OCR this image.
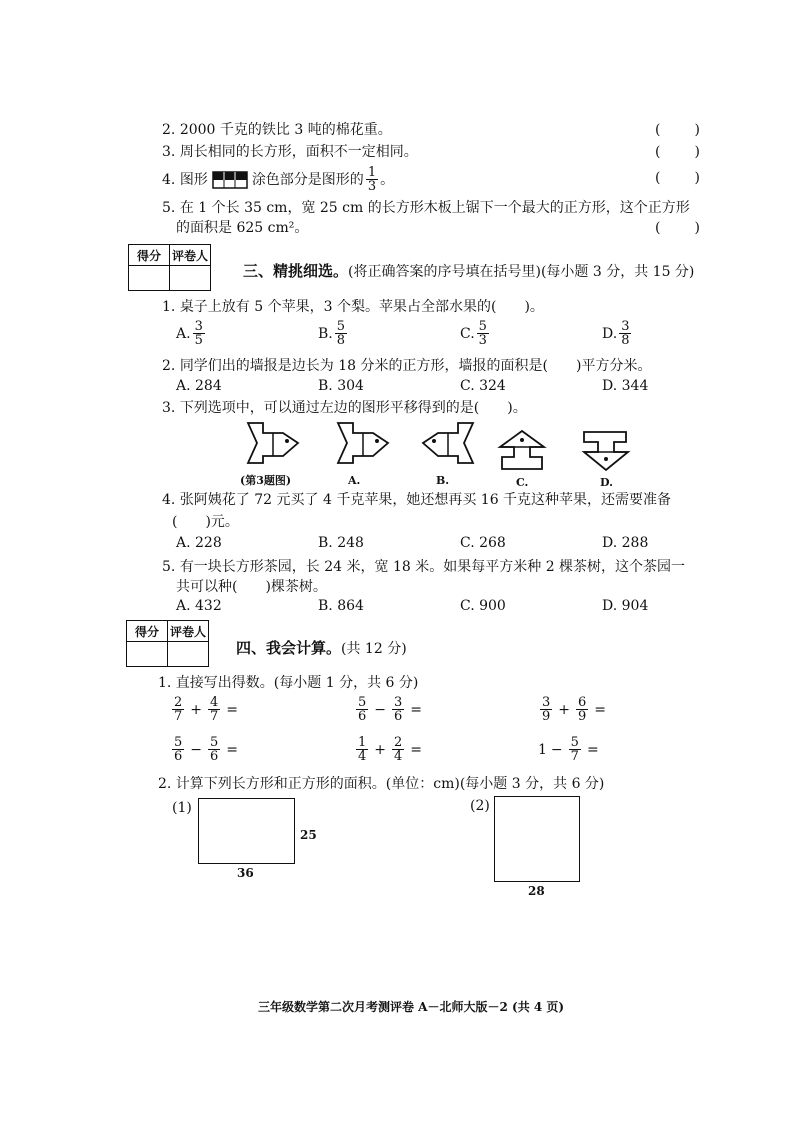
2. 2000 千克的铁比 3 吨的棉花重。	(　　)
3. 周长相同的长方形，面积不一定相同。	(　　)
4.
图形	涂色部分是图形的 $\frac{1}{3}$ 。	(　　)
5. 在 1 个长 35 cm，宽 25 cm 的长方形木板上锯下一个最大的正方形，这个正方形
的面积是 625 cm²。	(　　)
得分	评卷人

三、精挑细选。(将正确答案的序号填在括号里)(每小题 3 分，共 15 分)
1. 桌子上放有 5 个苹果，3 个梨。苹果占全部水果的(　　)。
A. $\frac{3}{5}$	B. $\frac{5}{8}$	C. $\frac{5}{3}$	D. $\frac{3}{8}$
2. 同学们出的墙报是边长为 18 分米的正方形，墙报的面积是(　　)平方分米。
A. 284	B. 304	C. 324	D. 344
3. 下列选项中，可以通过左边的图形平移得到的是(　　)。
(第3题图)	A.	B.	C.	D.
4. 张阿姨花了 72 元买了 4 千克苹果，她还想再买 16 千克这种苹果，还需要准备
(　　)元。
A. 228	B. 248	C. 268	D. 288
5. 有一块长方形茶园，长 24 米，宽 18 米。如果每平方米种 2 棵茶树，这个茶园一
共可以种(　　)棵茶树。
A. 432	B. 864	C. 900	D. 904
得分	评卷人

四、我会计算。(共 12 分)
1. 直接写出得数。(每小题 1 分，共 6 分)
$\frac{2}{7} + \frac{4}{7}$ =	$\frac{5}{6} - \frac{3}{6}$ =	$\frac{3}{9} + \frac{6}{9}$ =
$\frac{5}{6} - \frac{5}{6}$ =	$\frac{1}{4} + \frac{2}{4}$ =	$1 - \frac{5}{7}$ =
2. 计算下列长方形和正方形的面积。(单位：cm)(每小题 3 分，共 6 分)
(1)
25
36
(2)
28
三年级数学第二次月考测评卷 A－北师大版－2 (共 4 页)
